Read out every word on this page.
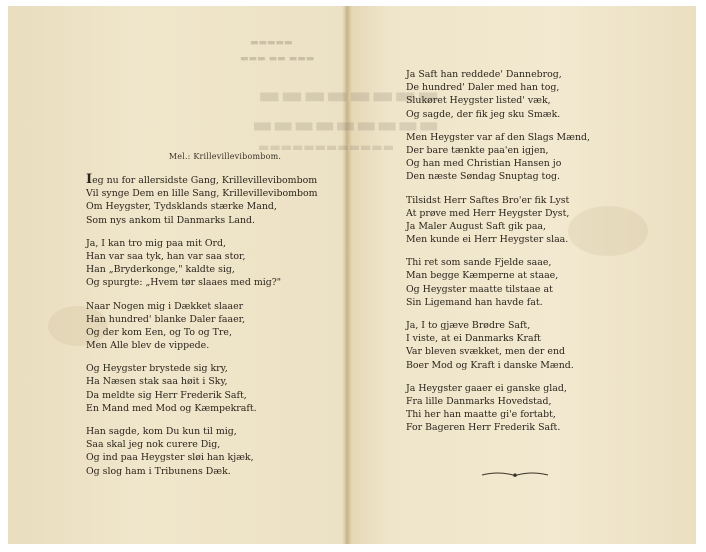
▬▬▬▬▬
▬▬▬ ▬▬ ▬▬▬
Mel.: Krillevillevibombom.
Ieg nu for allersidste Gang, Krillevillevibombom
Vil synge Dem en lille Sang, Krillevillevibombom
Om Heygster, Tydsklands stærke Mand,
Som nys ankom til Danmarks Land.
Ja, I kan tro mig paa mit Ord,
Han var saa tyk, han var saa stor,
Han „Bryderkonge," kaldte sig,
Og spurgte: „Hvem tør slaaes med mig?"
Naar Nogen mig i Dækket slaaer
Han hundred' blanke Daler faaer,
Og der kom Een, og To og Tre,
Men Alle blev de vippede.
Og Heygster brystede sig kry,
Ha Næsen stak saa høit i Sky,
Da meldte sig Herr Frederik Saft,
En Mand med Mod og Kæmpekraft.
Han sagde, kom Du kun til mig,
Saa skal jeg nok curere Dig,
Og ind paa Heygster sløi han kjæk,
Og slog ham i Tribunens Dæk.
Ja Saft han reddede' Dannebrog,
De hundred' Daler med han tog,
Slukøret Heygster listed' væk,
Og sagde, der fik jeg sku Smæk.
Men Heygster var af den Slags Mænd,
Der bare tænkte paa'en igjen,
Og han med Christian Hansen jo
Den næste Søndag Snuptag tog.
Tilsidst Herr Saftes Bro'er fik Lyst
At prøve med Herr Heygster Dyst,
Ja Maler August Saft gik paa,
Men kunde ei Herr Heygster slaa.
Thi ret som sande Fjelde saae,
Man begge Kæmperne at staae,
Og Heygster maatte tilstaae at
Sin Ligemand han havde fat.
Ja, I to gjæve Brødre Saft,
I viste, at ei Danmarks Kraft
Var bleven svækket, men der end
Boer Mod og Kraft i danske Mænd.
Ja Heygster gaaer ei ganske glad,
Fra lille Danmarks Hovedstad,
Thi her han maatte gi'e fortabt,
For Bageren Herr Frederik Saft.
